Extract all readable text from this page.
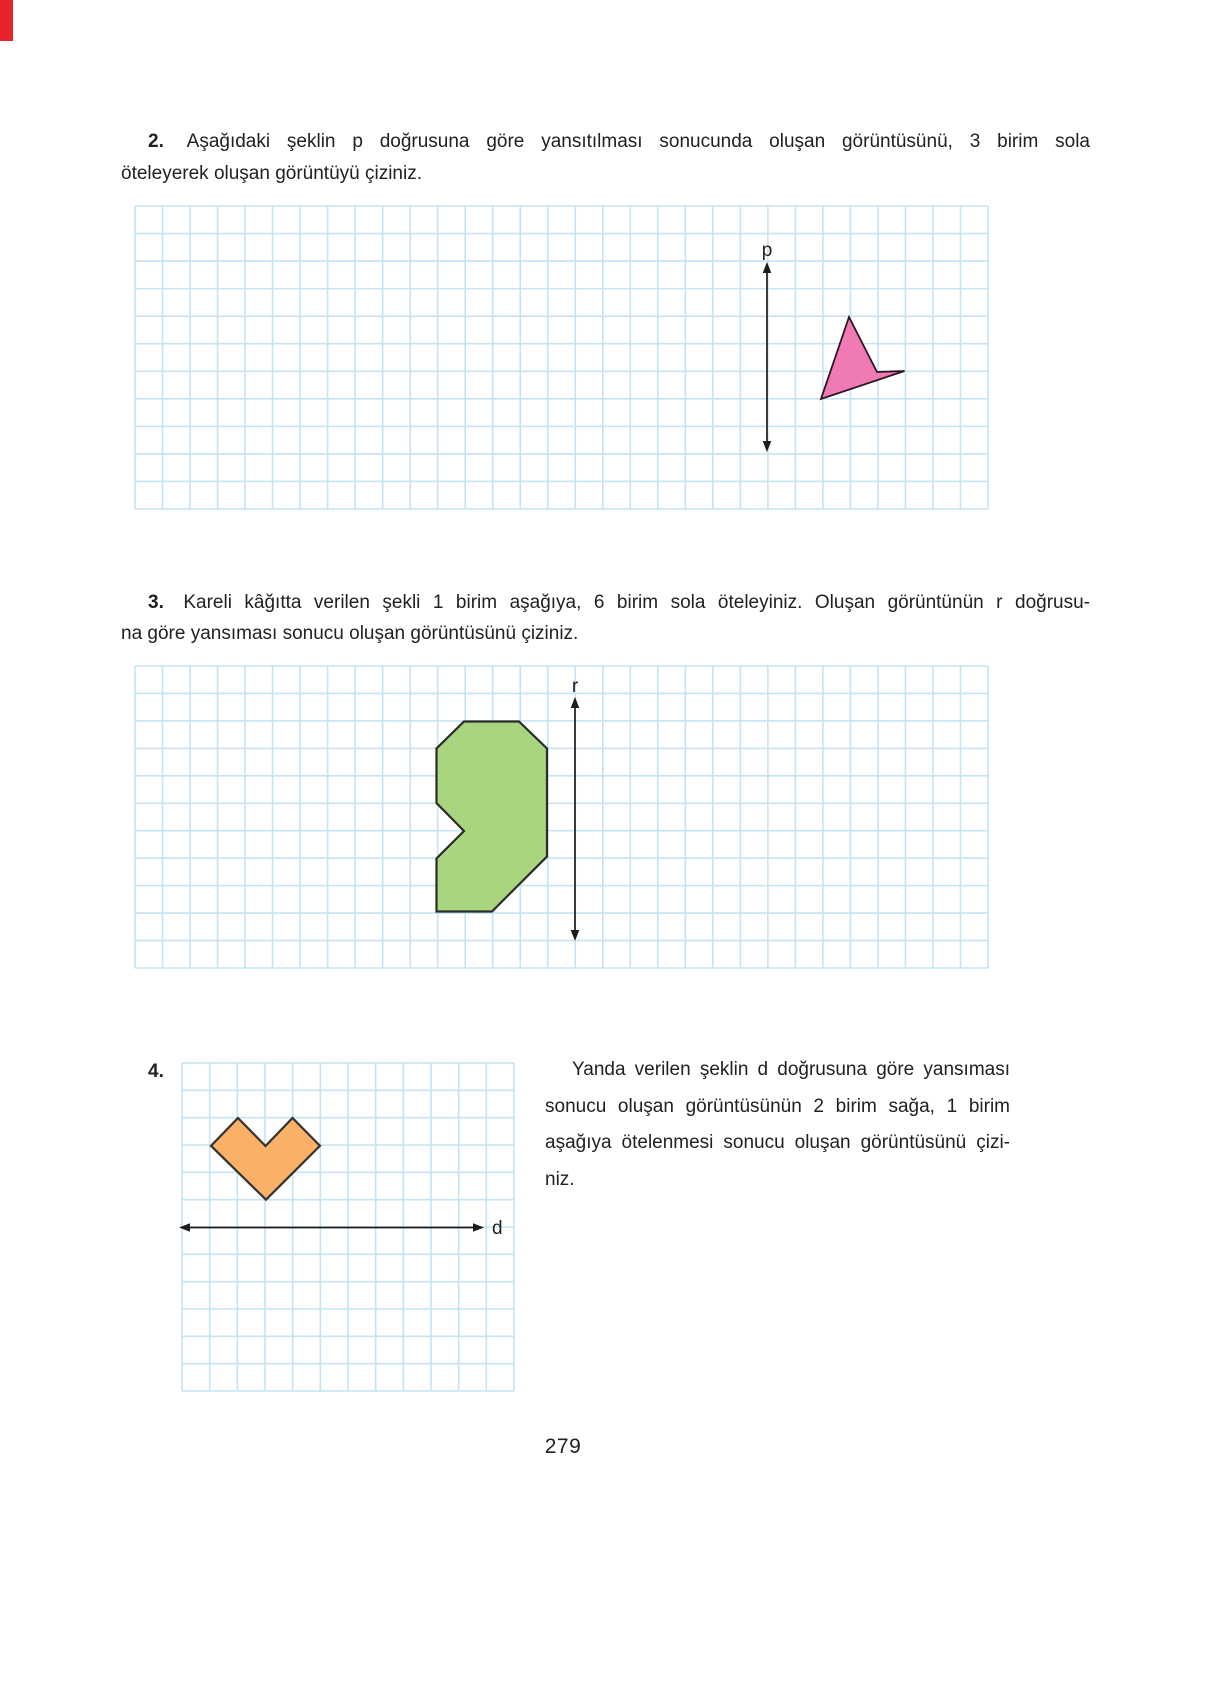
2. Aşağıdaki şeklin p doğrusuna göre yansıtılması sonucunda oluşan görüntüsünü, 3 birim sola
öteleyerek oluşan görüntüyü çiziniz.
p
3. Kareli kâğıtta verilen şekli 1 birim aşağıya, 6 birim sola öteleyiniz. Oluşan görüntünün r doğrusu-
na göre yansıması sonucu oluşan görüntüsünü çiziniz.
r
4.
d
Yanda verilen şeklin d doğrusuna göre yansıması
sonucu oluşan görüntüsünün 2 birim sağa, 1 birim
aşağıya ötelenmesi sonucu oluşan görüntüsünü çizi-
niz.
279
